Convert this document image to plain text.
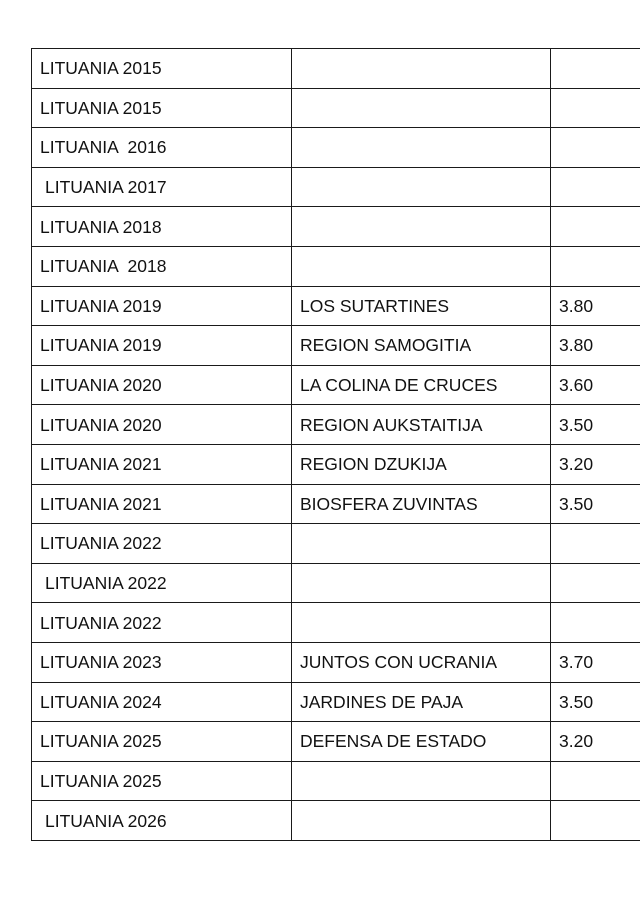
LITUANIA 2015		
LITUANIA 2015		
LITUANIA  2016		
LITUANIA 2017		
LITUANIA 2018		
LITUANIA  2018		
LITUANIA 2019	LOS SUTARTINES	3.80
LITUANIA 2019	REGION SAMOGITIA	3.80
LITUANIA 2020	LA COLINA DE CRUCES	3.60
LITUANIA 2020	REGION AUKSTAITIJA	3.50
LITUANIA 2021	REGION DZUKIJA	3.20
LITUANIA 2021	BIOSFERA ZUVINTAS	3.50
LITUANIA 2022		
LITUANIA 2022		
LITUANIA 2022		
LITUANIA 2023	JUNTOS CON UCRANIA	3.70
LITUANIA 2024	JARDINES DE PAJA	3.50
LITUANIA 2025	DEFENSA DE ESTADO	3.20
LITUANIA 2025		
LITUANIA 2026		
